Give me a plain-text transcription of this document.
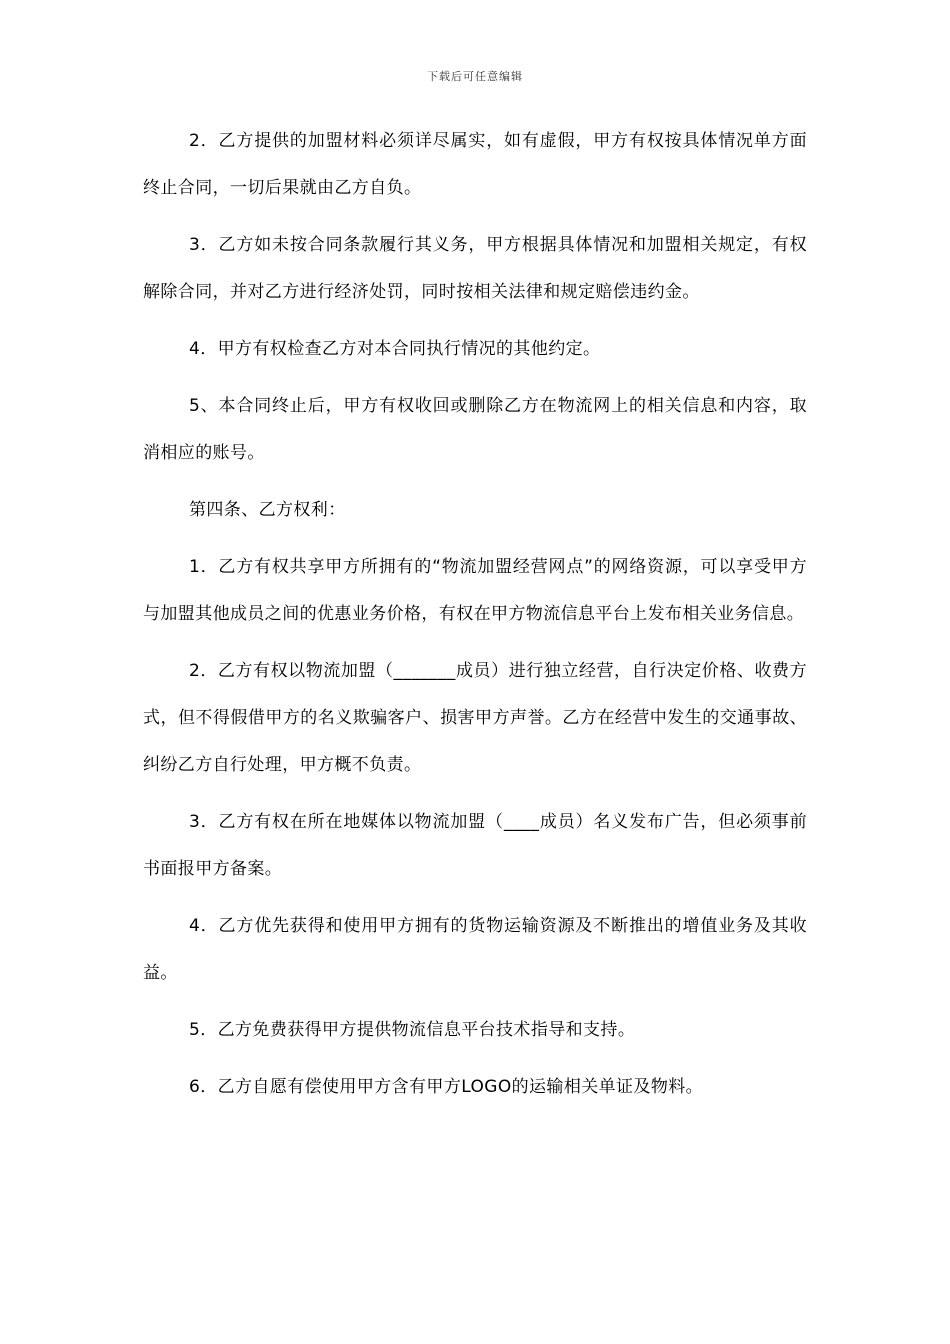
下载后可任意编辑

2．乙方提供的加盟材料必须详尽属实，如有虚假，甲方有权按具体情况单方面终止合同，一切后果就由乙方自负。

3．乙方如未按合同条款履行其义务，甲方根据具体情况和加盟相关规定，有权解除合同，并对乙方进行经济处罚，同时按相关法律和规定赔偿违约金。

4．甲方有权检查乙方对本合同执行情况的其他约定。

5、本合同终止后，甲方有权收回或删除乙方在物流网上的相关信息和内容，取消相应的账号。

第四条、乙方权利：

1．乙方有权共享甲方所拥有的“物流加盟经营网点”的网络资源，可以享受甲方与加盟其他成员之间的优惠业务价格，有权在甲方物流信息平台上发布相关业务信息。

2．乙方有权以物流加盟（_______成员）进行独立经营，自行决定价格、收费方式，但不得假借甲方的名义欺骗客户、损害甲方声誉。乙方在经营中发生的交通事故、纠纷乙方自行处理，甲方概不负责。

3．乙方有权在所在地媒体以物流加盟（____成员）名义发布广告，但必须事前书面报甲方备案。

4．乙方优先获得和使用甲方拥有的货物运输资源及不断推出的增值业务及其收益。

5．乙方免费获得甲方提供物流信息平台技术指导和支持。

6．乙方自愿有偿使用甲方含有甲方LOGO的运输相关单证及物料。
